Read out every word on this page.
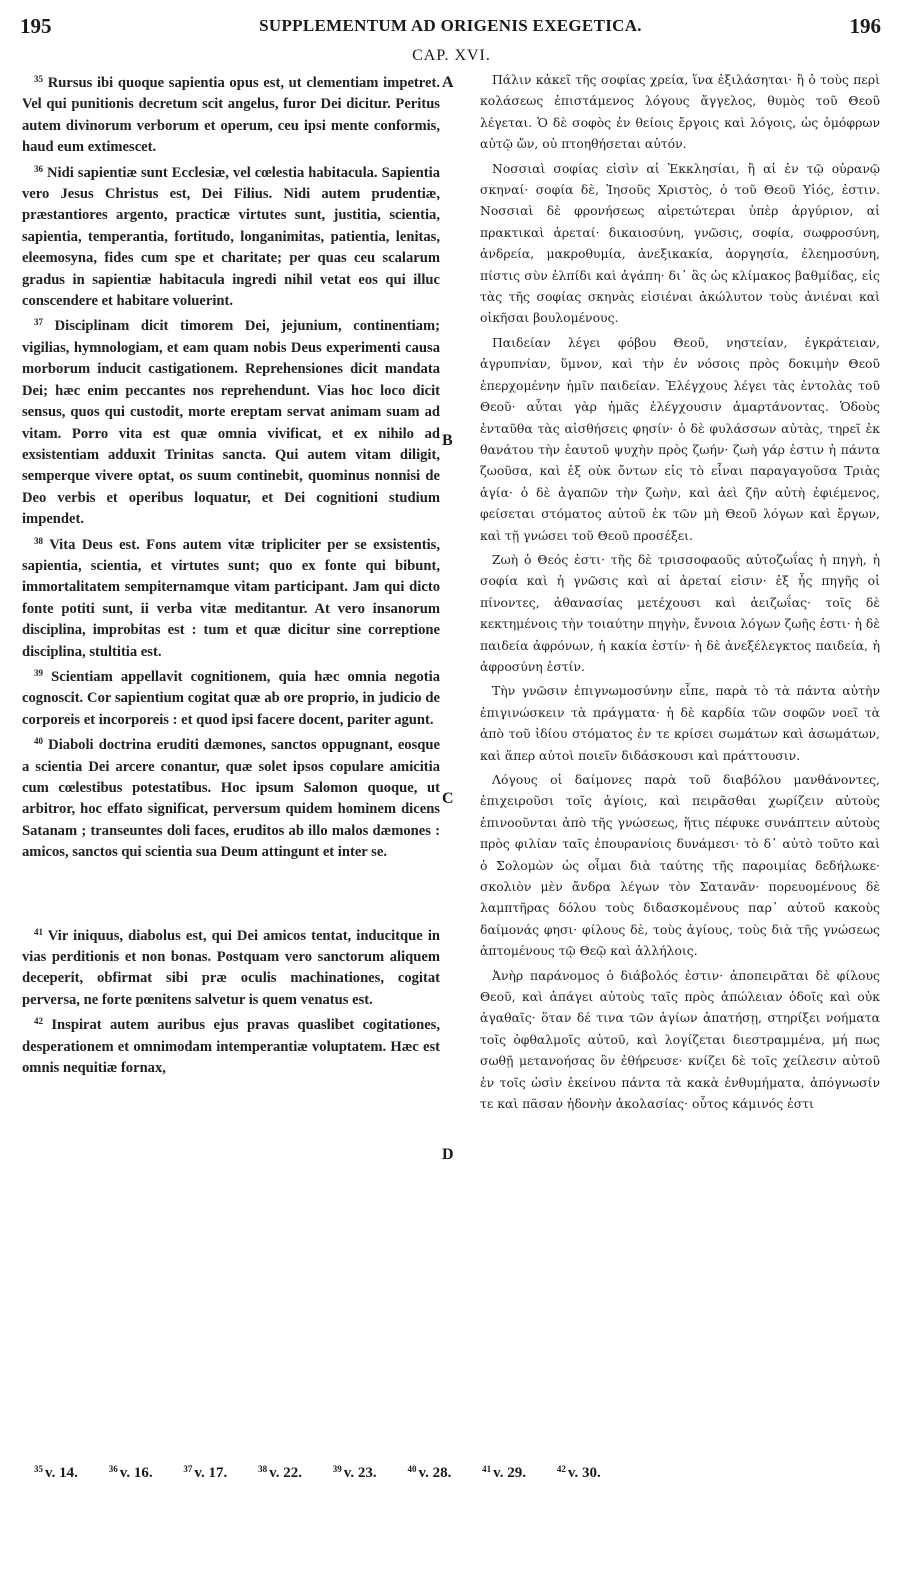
195	SUPPLEMENTUM AD ORIGENIS EXEGETICA.	196
CAP. XVI.

$^{35}$ Rursus ibi quoque sapientia opus est, ut clementiam impetret. Vel qui punitionis decretum scit angelus, furor Dei dicitur. Peritus autem divinorum verborum et operum, ceu ipsi mente conformis, haud eum extimescet.

$^{36}$ Nidi sapientiæ sunt Ecclesiæ, vel cœlestia habitacula. Sapientia vero Jesus Christus est, Dei Filius. Nidi autem prudentiæ, præstantiores argento, practicæ virtutes sunt, justitia, scientia, sapientia, temperantia, fortitudo, longanimitas, patientia, lenitas, eleemosyna, fides cum spe et charitate; per quas ceu scalarum gradus in sapientiæ habitacula ingredi nihil vetat eos qui illuc conscendere et habitare voluerint.

$^{37}$ Disciplinam dicit timorem Dei, jejunium, continentiam; vigilias, hymnologiam, et eam quam nobis Deus experimenti causa morborum inducit castigationem. Reprehensiones dicit mandata Dei; hæc enim peccantes nos reprehendunt. Vias hoc loco dicit sensus, quos qui custodit, morte ereptam servat animam suam ad vitam. Porro vita est quæ omnia vivificat, et ex nihilo ad exsistentiam adduxit Trinitas sancta. Qui autem vitam diligit, semperque vivere optat, os suum continebit, quominus nonnisi de Deo verbis et operibus loquatur, et Dei cognitioni studium impendet.

$^{38}$ Vita Deus est. Fons autem vitæ tripliciter per se exsistentis, sapientia, scientia, et virtutes sunt; quo ex fonte qui bibunt, immortalitatem sempiternamque vitam participant. Jam qui dicto fonte potiti sunt, ii verba vitæ meditantur. At vero insanorum disciplina, improbitas est : tum et quæ dicitur sine correptione disciplina, stultitia est.

$^{39}$ Scientiam appellavit cognitionem, quia hæc omnia negotia cognoscit. Cor sapientium cogitat quæ ab ore proprio, in judicio de corporeis et incorporeis : et quod ipsi facere docent, pariter agunt.

$^{40}$ Diaboli doctrina eruditi dæmones, sanctos oppugnant, eosque a scientia Dei arcere conantur, quæ solet ipsos copulare amicitia cum cœlestibus potestatibus. Hoc ipsum Salomon quoque, ut arbitror, hoc effato significat, perversum quidem hominem dicens Satanam ; transeuntes doli faces, eruditos ab illo malos dæmones : amicos, sanctos qui scientia sua Deum attingunt et inter se.

$^{41}$ Vir iniquus, diabolus est, qui Dei amicos tentat, inducitque in vias perditionis et non bonas. Postquam vero sanctorum aliquem deceperit, obfirmat sibi præ oculis machinationes, cogitat perversa, ne forte pœnitens salvetur is quem venatus est.

$^{42}$ Inspirat autem auribus ejus pravas quaslibet cogitationes, desperationem et omnimodam intemperantiæ voluptatem. Hæc est omnis nequitiæ fornax,

Πάλιν κἀκεῖ τῆς σοφίας χρεία, ἵνα ἐξιλάσηται· ἢ ὁ τοὺς περὶ κολάσεως ἐπιστάμενος λόγους ἄγγελος, θυμὸς τοῦ Θεοῦ λέγεται. Ὁ δὲ σοφὸς ἐν θείοις ἔργοις καὶ λόγοις, ὡς ὁμόφρων αὐτῷ ὤν, οὐ πτοηθήσεται αὐτόν.

Νοσσιαὶ σοφίας εἰσὶν αἱ Ἐκκλησίαι, ἢ αἱ ἐν τῷ οὐρανῷ σκηναί· σοφία δὲ, Ἰησοῦς Χριστὸς, ὁ τοῦ Θεοῦ Υἱός, ἐστιν. Νοσσιαὶ δὲ φρονήσεως αἱρετώτεραι ὑπὲρ ἀργύριον, αἱ πρακτικαὶ ἀρεταί· δικαιοσύνη, γνῶσις, σοφία, σωφροσύνη, ἀνδρεία, μακροθυμία, ἀνεξικακία, ἀοργησία, ἐλεημοσύνη, πίστις σὺν ἐλπίδι καὶ ἀγάπη· δι᾽ ἃς ὡς κλίμακος βαθμίδας, εἰς τὰς τῆς σοφίας σκηνὰς εἰσιέναι ἀκώλυτον τοὺς ἀνιέναι καὶ οἰκῆσαι βουλομένους.

Παιδείαν λέγει φόβου Θεοῦ, νηστείαν, ἐγκράτειαν, ἀγρυπνίαν, ὕμνον, καὶ τὴν ἐν νόσοις πρὸς δοκιμὴν Θεοῦ ἐπερχομένην ἡμῖν παιδείαν. Ἐλέγχους λέγει τὰς ἐντολὰς τοῦ Θεοῦ· αὗται γὰρ ἡμᾶς ἐλέγχουσιν ἁμαρτάνοντας. Ὁδοὺς ἐνταῦθα τὰς αἰσθήσεις φησίν· ὁ δὲ φυλάσσων αὐτὰς, τηρεῖ ἐκ θανάτου τὴν ἑαυτοῦ ψυχὴν πρὸς ζωήν· ζωὴ γάρ ἐστιν ἡ πάντα ζωοῦσα, καὶ ἐξ οὐκ ὄντων εἰς τὸ εἶναι παραγαγοῦσα Τριὰς ἁγία· ὁ δὲ ἀγαπῶν τὴν ζωὴν, καὶ ἀεὶ ζῆν αὐτὴ ἐφιέμενος, φείσεται στόματος αὐτοῦ ἐκ τῶν μὴ Θεοῦ λόγων καὶ ἔργων, καὶ τῇ γνώσει τοῦ Θεοῦ προσέξει.

Ζωὴ ὁ Θεός ἐστι· τῆς δὲ τρισσοφαοῦς αὐτοζωΐας ἡ πηγὴ, ἡ σοφία καὶ ἡ γνῶσις καὶ αἱ ἀρεταί εἰσιν· ἐξ ἧς πηγῆς οἱ πίνοντες, ἀθανασίας μετέχουσι καὶ ἀειζωΐας· τοῖς δὲ κεκτημένοις τὴν τοιαύτην πηγὴν, ἔννοια λόγων ζωῆς ἐστι· ἡ δὲ παιδεία ἀφρόνων, ἡ κακία ἐστίν· ἡ δὲ ἀνεξέλεγκτος παιδεία, ἡ ἀφροσύνη ἐστίν.

Τὴν γνῶσιν ἐπιγνωμοσύνην εἶπε, παρὰ τὸ τὰ πάντα αὐτὴν ἐπιγινώσκειν τὰ πράγματα· ἡ δὲ καρδία τῶν σοφῶν νοεῖ τὰ ἀπὸ τοῦ ἰδίου στόματος ἐν τε κρίσει σωμάτων καὶ ἀσωμάτων, καὶ ἅπερ αὐτοὶ ποιεῖν διδάσκουσι καὶ πράττουσιν.

Λόγους οἱ δαίμονες παρὰ τοῦ διαβόλου μανθάνοντες, ἐπιχειροῦσι τοῖς ἁγίοις, καὶ πειρᾶσθαι χωρίζειν αὐτοὺς ἐπινοοῦνται ἀπὸ τῆς γνώσεως, ἥτις πέφυκε συνάπτειν αὐτοὺς πρὸς φιλίαν ταῖς ἐπουρανίοις δυνάμεσι· τὸ δ᾽ αὐτὸ τοῦτο καὶ ὁ Σολομὼν ὡς οἶμαι διὰ ταύτης τῆς παροιμίας δεδήλωκε· σκολιὸν μὲν ἄνδρα λέγων τὸν Σατανᾶν· πορευομένους δὲ λαμπτῆρας δόλου τοὺς διδασκομένους παρ᾽ αὐτοῦ κακοὺς δαίμονάς φησι· φίλους δὲ, τοὺς ἁγίους, τοὺς διὰ τῆς γνώσεως ἀπτομένους τῷ Θεῷ καὶ ἀλλήλοις.

Ἀνὴρ παράνομος ὁ διάβολός ἐστιν· ἀποπειρᾶται δὲ φίλους Θεοῦ, καὶ ἀπάγει αὐτοὺς ταῖς πρὸς ἀπώλειαν ὁδοῖς καὶ οὐκ ἀγαθαῖς· ὅταν δέ τινα τῶν ἁγίων ἀπατήσῃ, στηρίξει νοήματα τοῖς ὀφθαλμοῖς αὐτοῦ, καὶ λογίζεται διεστραμμένα, μή πως σωθῇ μετανοήσας ὃν ἐθήρευσε· κνίζει δὲ τοῖς χείλεσιν αὐτοῦ ἐν τοῖς ὠσὶν ἐκείνου πάντα τὰ κακὰ ἐνθυμήματα, ἀπόγνωσίν τε καὶ πᾶσαν ἡδονὴν ἀκολασίας· οὗτος κάμινός ἐστι

A
B
C
D
$^{35}$ v. 14.	$^{36}$ v. 16.	$^{37}$ v. 17.	$^{38}$ v. 22.	$^{39}$ v. 23.	$^{40}$ v. 28.	$^{41}$ v. 29.	$^{42}$ v. 30.
